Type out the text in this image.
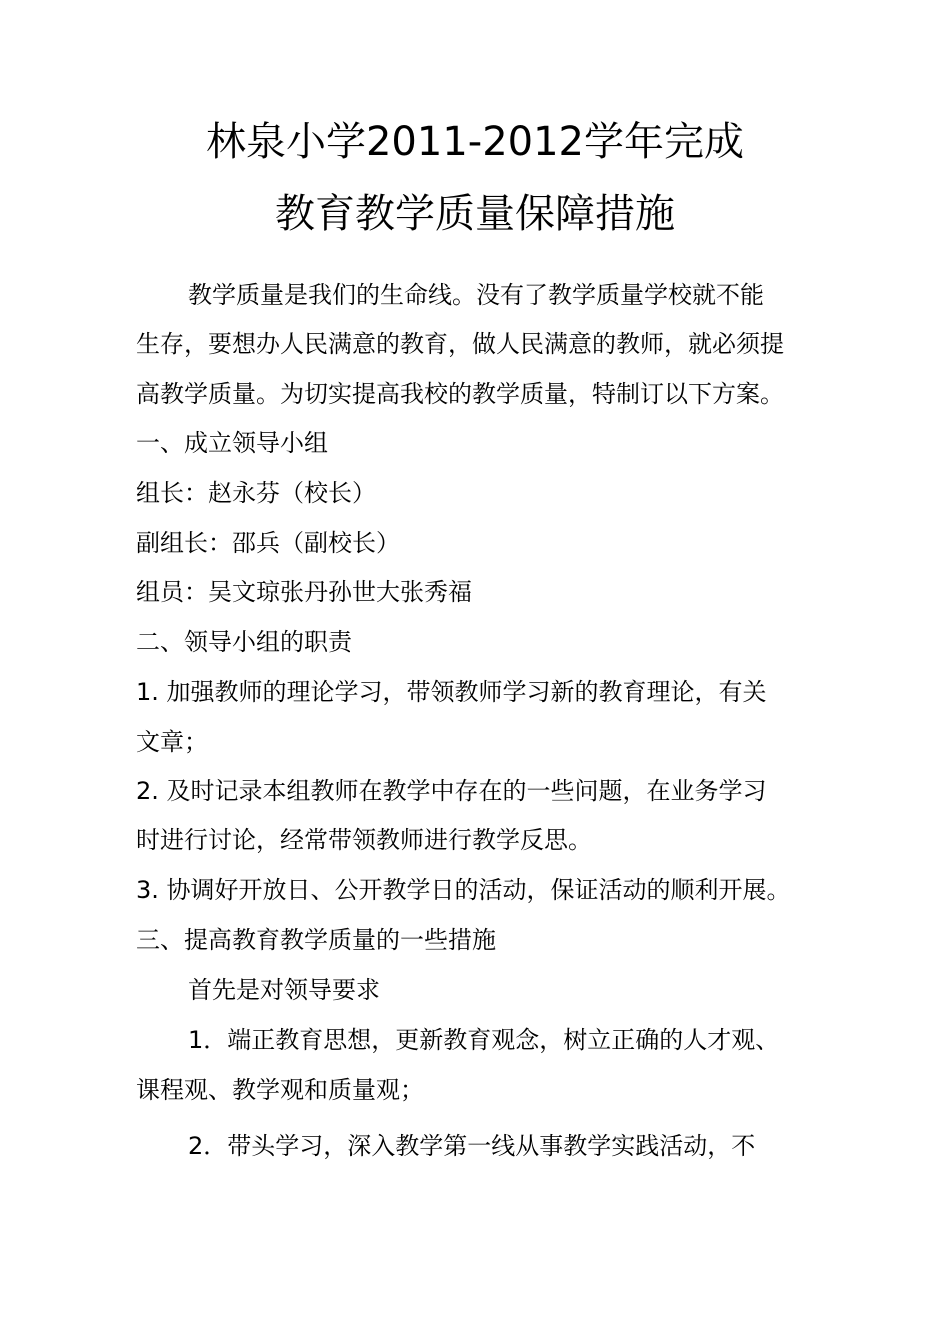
林泉小学2011-2012学年完成
教育教学质量保障措施
教学质量是我们的生命线。没有了教学质量学校就不能
生存，要想办人民满意的教育，做人民满意的教师，就必须提
高教学质量。为切实提高我校的教学质量，特制订以下方案。
一、成立领导小组
组长：赵永芬（校长）
副组长：邵兵（副校长）
组员：吴文琼张丹孙世大张秀福
二、领导小组的职责
1. 加强教师的理论学习，带领教师学习新的教育理论，有关
文章；
2. 及时记录本组教师在教学中存在的一些问题，在业务学习
时进行讨论，经常带领教师进行教学反思。
3. 协调好开放日、公开教学日的活动，保证活动的顺利开展。
三、提高教育教学质量的一些措施
首先是对领导要求
1．端正教育思想，更新教育观念，树立正确的人才观、
课程观、教学观和质量观；
2．带头学习，深入教学第一线从事教学实践活动，不
